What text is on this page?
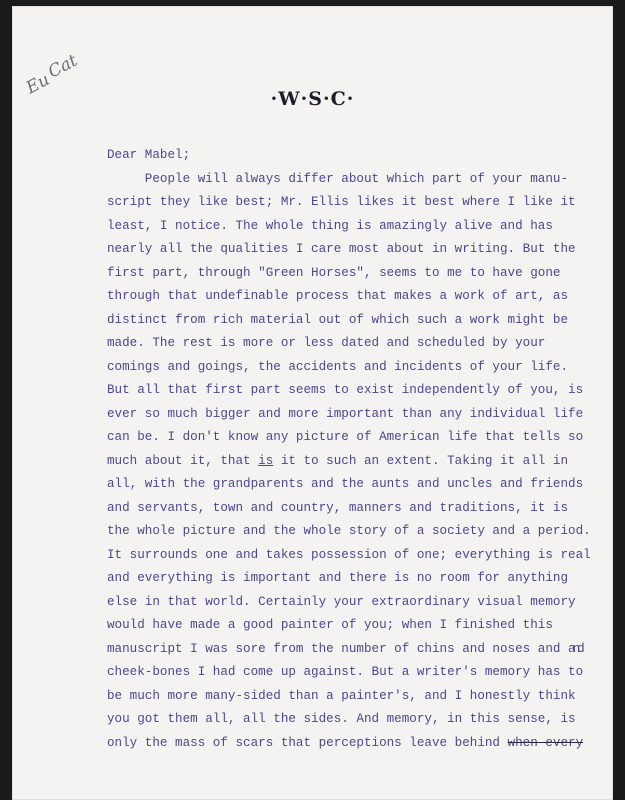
Eu
Cat
·W·S·C·

Dear Mabel;

People will always differ about which part of your manu-

script they like best; Mr. Ellis likes it best where I like it

least, I notice. The whole thing is amazingly alive and has

nearly all the qualities I care most about in writing. But the

first part, through "Green Horses", seems to me to have gone

through that undefinable process that makes a work of art, as

distinct from rich material out of which such a work might be

made. The rest is more or less dated and scheduled by your

comings and goings, the accidents and incidents of your life.

But all that first part seems to exist independently of you, is

ever so much bigger and more important than any individual life

can be. I don't know any picture of American life that tells so

much about it, that is it to such an extent. Taking it all in

all, with the grandparents and the aunts and uncles and friends

and servants, town and country, manners and traditions, it is

the whole picture and the whole story of a society and a period.

It surrounds one and takes possession of one; everything is real

and everything is important and there is no room for anything

else in that world. Certainly your extraordinary visual memory

would have made a good painter of you; when I finished this

manuscript I was sore from the number of chins and noses and and

cheek-bones I had come up against. But a writer's memory has to

be much more many-sided than a painter's, and I honestly think

you got them all, all the sides. And memory, in this sense, is

only the mass of scars that perceptions leave behind when every
